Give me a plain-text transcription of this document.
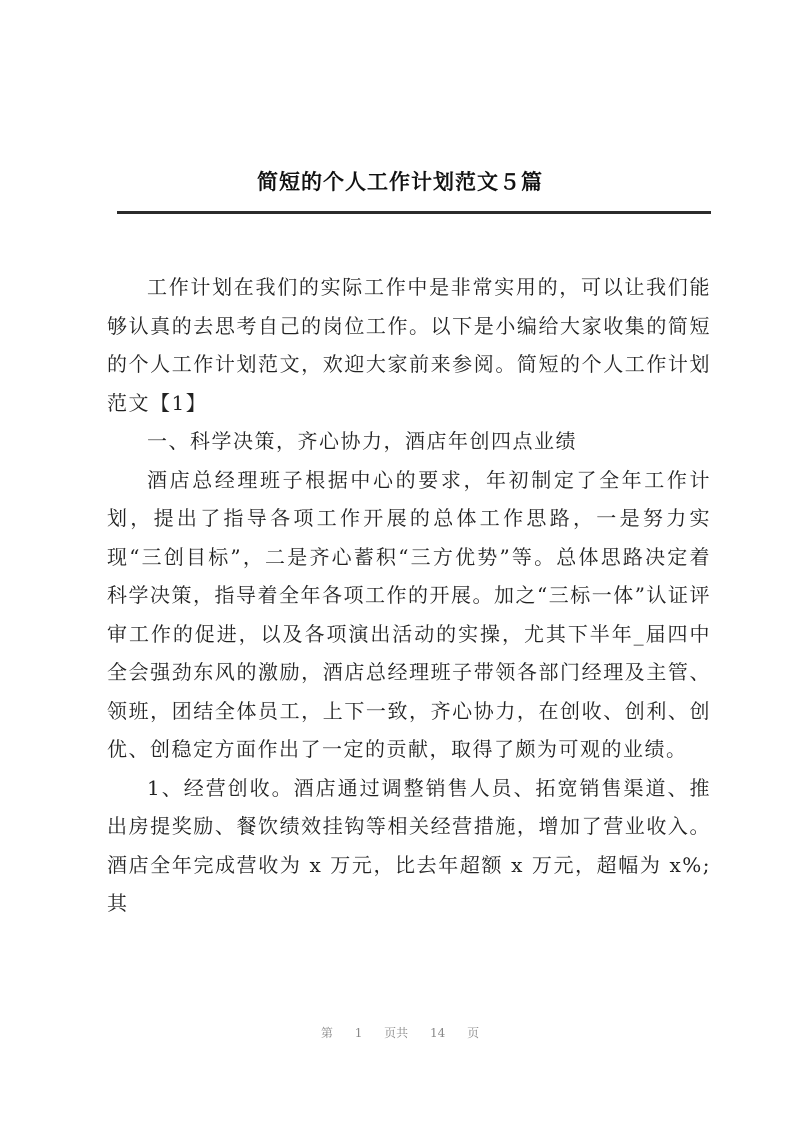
简短的个人工作计划范文５篇

工作计划在我们的实际工作中是非常实用的，可以让我们能够认真的去思考自己的岗位工作。以下是小编给大家收集的简短的个人工作计划范文，欢迎大家前来参阅。简短的个人工作计划范文【1】

一、科学决策，齐心协力，酒店年创四点业绩

酒店总经理班子根据中心的要求，年初制定了全年工作计划，提出了指导各项工作开展的总体工作思路，一是努力实现“三创目标”，二是齐心蓄积“三方优势”等。总体思路决定着科学决策，指导着全年各项工作的开展。加之“三标一体”认证评审工作的促进，以及各项演出活动的实操，尤其下半年_届四中全会强劲东风的激励，酒店总经理班子带领各部门经理及主管、领班，团结全体员工，上下一致，齐心协力，在创收、创利、创优、创稳定方面作出了一定的贡献，取得了颇为可观的业绩。

1、经营创收。酒店通过调整销售人员、拓宽销售渠道、推出房提奖励、餐饮绩效挂钩等相关经营措施，增加了营业收入。酒店全年完成营收为 x 万元，比去年超额 x 万元，超幅为 x%;其

第 1 页共 14 页
